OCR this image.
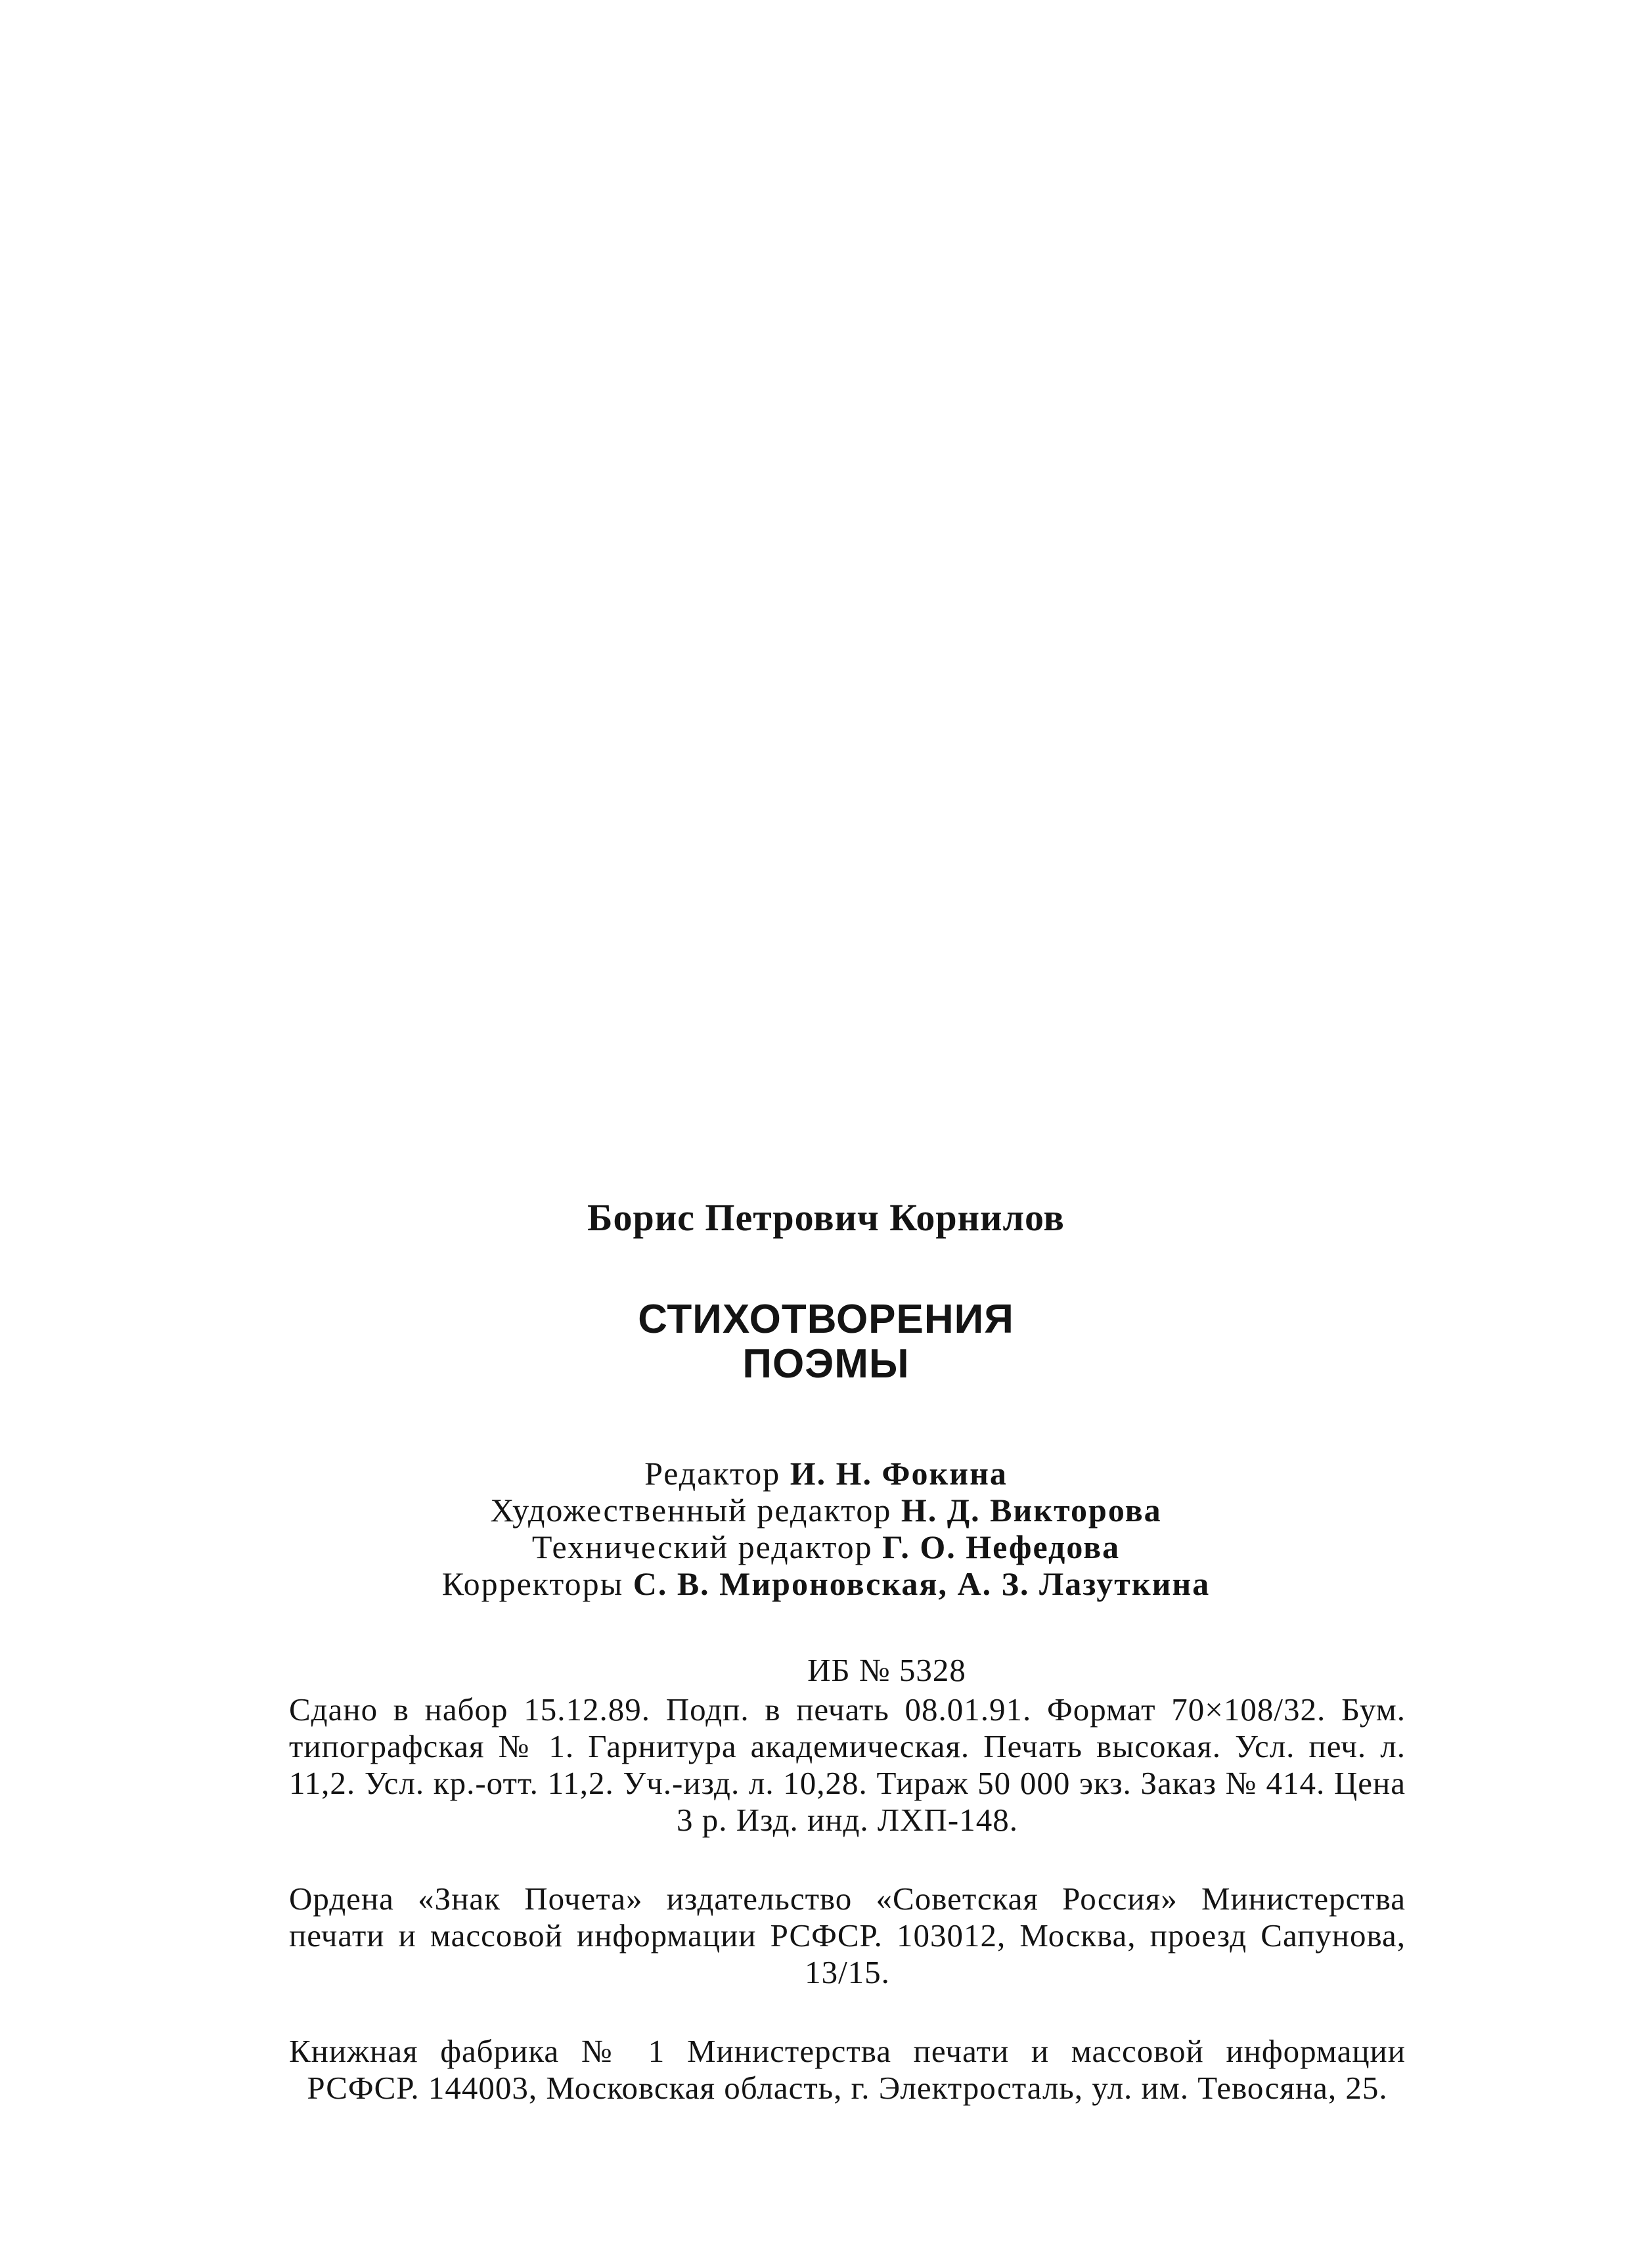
Борис Петрович Корнилов
СТИХОТВОРЕНИЯ
ПОЭМЫ
Редактор И. Н. Фокина
Художественный редактор Н. Д. Викторова
Технический редактор Г. О. Нефедова
Корректоры С. В. Мироновская, А. З. Лазуткина
ИБ № 5328
Сдано в набор 15.12.89. Подп. в печать 08.01.91. Формат 70×108/32. Бум. типографская № 1. Гарнитура академическая. Печать высокая. Усл. печ. л. 11,2. Усл. кр.-отт. 11,2. Уч.-изд. л. 10,28. Тираж 50 000 экз. Заказ № 414. Цена 3 р. Изд. инд. ЛХП-148.
Ордена «Знак Почета» издательство «Советская Россия» Министерства печати и массовой информации РСФСР. 103012, Москва, проезд Сапунова, 13/15.
Книжная фабрика № 1 Министерства печати и массовой информации РСФСР. 144003, Московская область, г. Электросталь, ул. им. Тевосяна, 25.
